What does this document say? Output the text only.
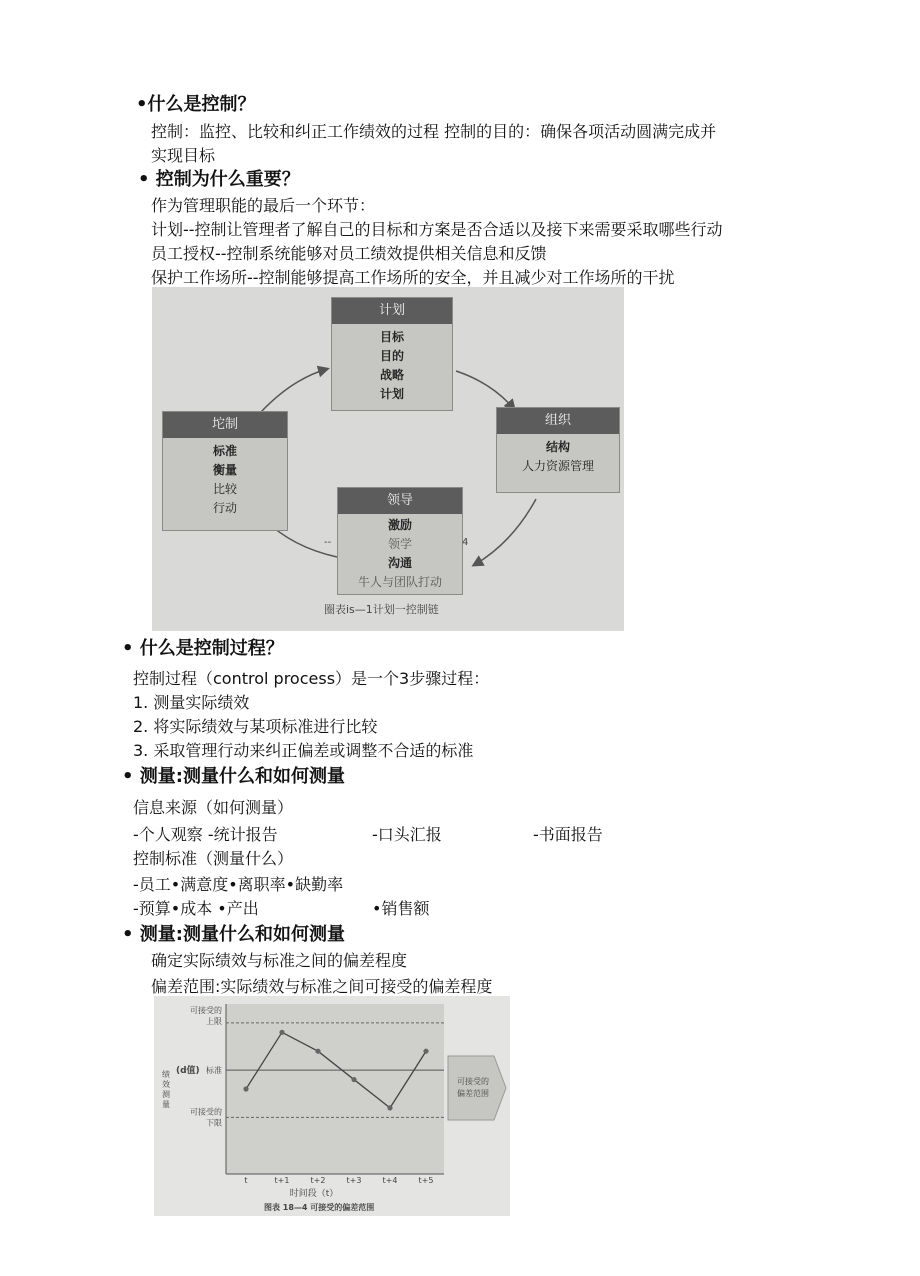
•什么是控制？
控制：监控、比较和纠正工作绩效的过程 控制的目的：确保各项活动圆满完成并
实现目标
• 控制为什么重要？
作为管理职能的最后一个环节：
计划--控制让管理者了解自己的目标和方案是否合适以及接下来需要采取哪些行动
员工授权--控制系统能够对员工绩效提供相关信息和反馈
保护工作场所--控制能够提高工作场所的安全，并且减少对工作场所的干扰
计划
目标
目的
战略
计划
组织
结构
人力资源管理
领导
激励
领学
沟通
牛人与团队打动
坨制
标准
衡量
比较
行动
--	4
圈表is—1计划一控制链
• 什么是控制过程？
控制过程（control process）是一个3步骤过程：
1. 测量实际绩效
2. 将实际绩效与某项标准进行比较
3. 采取管理行动来纠正偏差或调整不合适的标准
• 测量:测量什么和如何测量
信息来源（如何测量）
-个人观察 -统计报告	-口头汇报	-书面报告
控制标准（测量什么）
-员工•满意度•离职率•缺勤率
-预算•成本 •产出	•销售额
• 测量:测量什么和如何测量
确定实际绩效与标准之间的偏差程度
偏差范围:实际绩效与标准之间可接受的偏差程度
t	t+1	t+2	t+3	t+4	t+5
可接受的
上限
(d值) 标准
可接受的
下限
可接受的
偏差范围
时间段（t）
图表 18—4 可接受的偏差范围
绩效测量
